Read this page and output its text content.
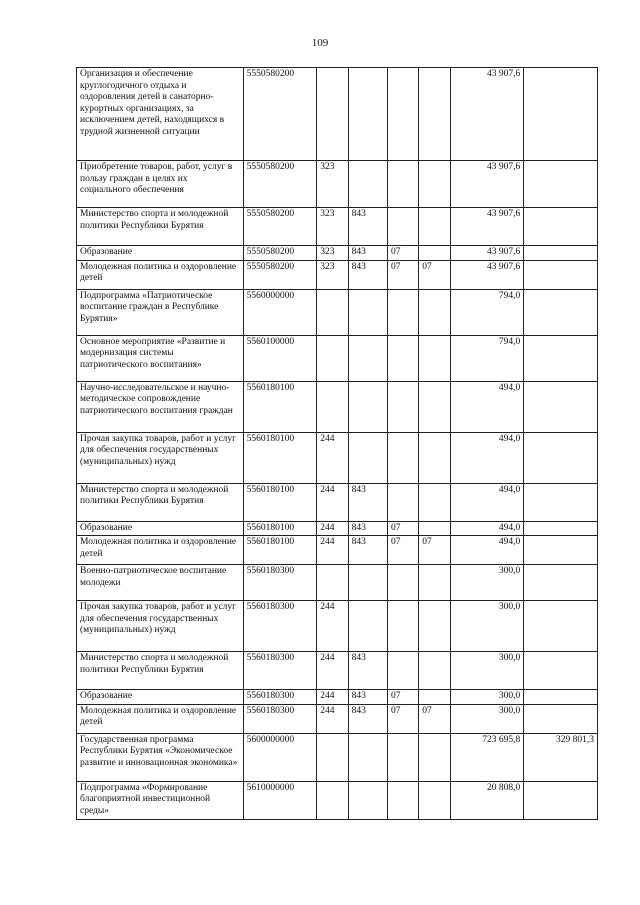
109
Организация и обеспечение круглогодичного отдыха и оздоровления детей в санаторно-курортных организациях, за исключением детей, находящихся в трудной жизненной ситуации	5550580200					43 907,6	
Приобретение товаров, работ, услуг в пользу граждан в целях их социального обеспечения	5550580200	323				43 907,6	
Министерство спорта и молодежной политики Республики Бурятия	5550580200	323	843			43 907,6	
Образование	5550580200	323	843	07		43 907,6	
Молодежная политика и оздоровление детей	5550580200	323	843	07	07	43 907,6	
Подпрограмма «Патриотическое воспитание граждан в Республике Бурятия»	5560000000					794,0	
Основное мероприятие «Развитие и модернизация системы патриотического воспитания»	5560100000					794,0	
Научно-исследовательское и научно-методическое сопровождение патриотического воспитания граждан	5560180100					494,0	
Прочая закупка товаров, работ и услуг для обеспечения государственных (муниципальных) нужд	5560180100	244				494,0	
Министерство спорта и молодежной политики Республики Бурятия	5560180100	244	843			494,0	
Образование	5560180100	244	843	07		494,0	
Молодежная политика и оздоровление детей	5560180100	244	843	07	07	494,0	
Военно-патриотическое воспитание молодежи	5560180300					300,0	
Прочая закупка товаров, работ и услуг для обеспечения государственных (муниципальных) нужд	5560180300	244				300,0	
Министерство спорта и молодежной политики Республики Бурятия	5560180300	244	843			300,0	
Образование	5560180300	244	843	07		300,0	
Молодежная политика и оздоровление детей	5560180300	244	843	07	07	300,0	
Государственная программа Республики Бурятия «Экономическое развитие и инновационная экономика»	5600000000					723 695,8	329 801,3
Подпрограмма «Формирование благоприятной инвестиционной среды»	5610000000					20 808,0	
